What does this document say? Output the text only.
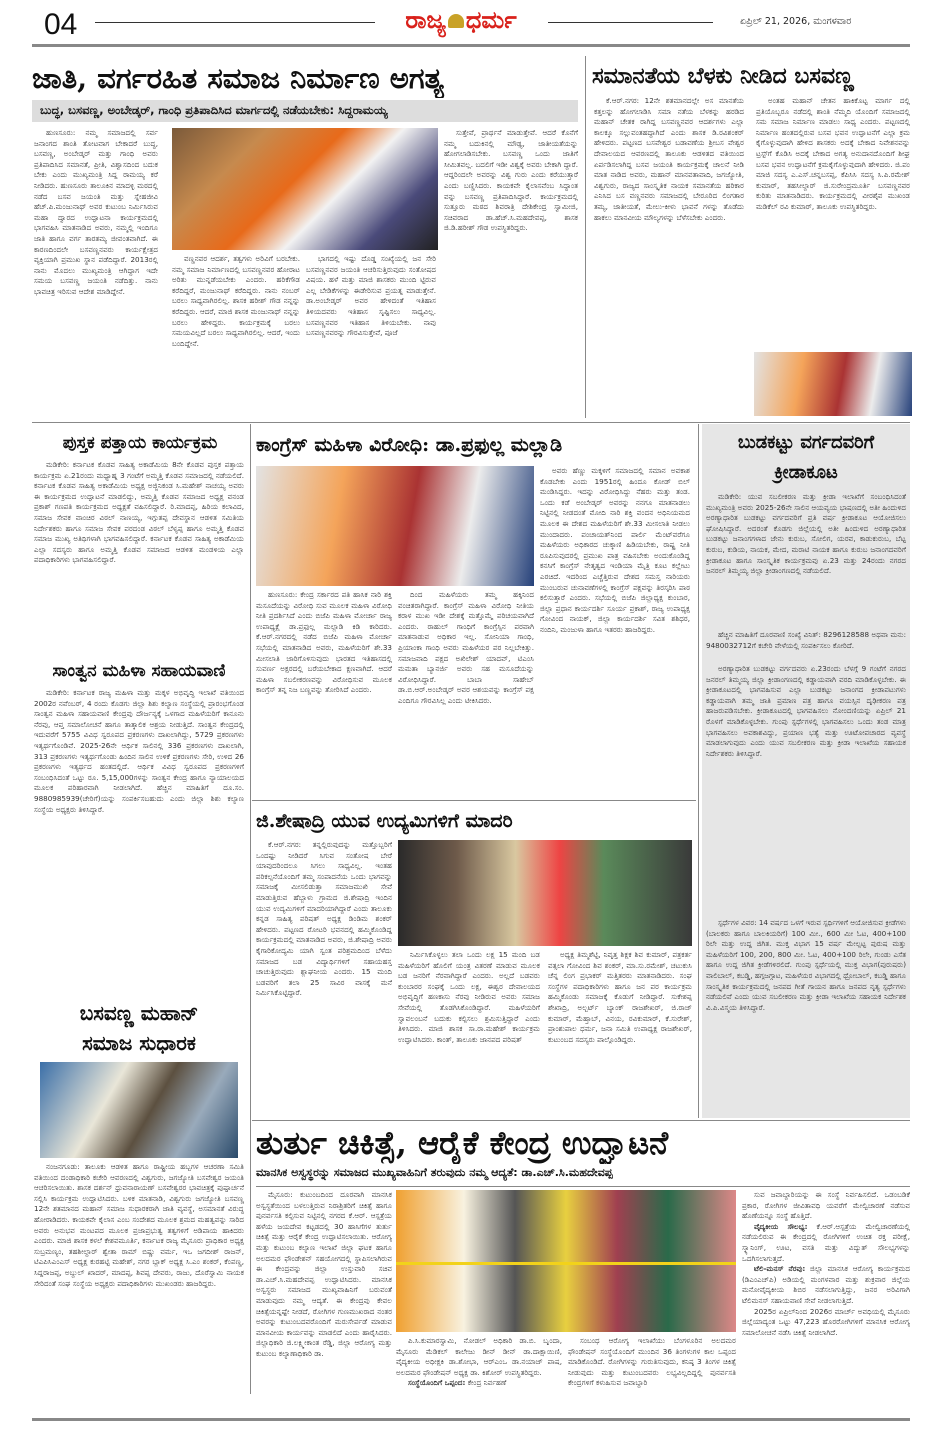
04	ರಾಜ್ಯ ಧರ್ಮ	ಏಪ್ರಿಲ್ 21, 2026, ಮಂಗಳವಾರ
ಜಾತಿ, ವರ್ಗರಹಿತ ಸಮಾಜ ನಿರ್ಮಾಣ ಅಗತ್ಯ
ಬುದ್ಧ, ಬಸವಣ್ಣ, ಅಂಬೇಡ್ಕರ್, ಗಾಂಧಿ ಪ್ರತಿಪಾದಿಸಿದ ಮಾರ್ಗದಲ್ಲಿ ನಡೆಯಬೇಕು: ಸಿದ್ದರಾಮಯ್ಯ

ಹುಣಸೂರು: ನಮ್ಮ ಸಮಾಜದಲ್ಲಿ ಸರ್ವ ಜನಾಂಗದ ಶಾಂತಿ ತೋಟವಾಗ ಬೇಕಾದರೆ ಬುದ್ಧ, ಬಸವಣ್ಣ, ಅಂಬೇಡ್ಕರ್ ಮತ್ತು ಗಾಂಧಿ ಅವರು ಪ್ರತಿಪಾದಿಸಿದ ಸಮಾನತೆ, ಪ್ರೀತಿ, ವಿಶ್ವಾಸದಿಂದ ಬದುಕ ಬೇಕು ಎಂದು ಮುಖ್ಯಮಂತ್ರಿ ಸಿದ್ದ ರಾಮಯ್ಯ ಕರೆ ನೀಡಿದರು. ಹುಣಸೂರು ತಾಲೂಕಿನ ಮಾದಳ್ಳಿ ಮಠದಲ್ಲಿ ನಡೆದ ಬಸವ ಜಯಂತಿ ಮತ್ತು ಸ್ನೇಹಜೀವಿ ಹೆಚ್.ಪಿ.ಮಂಜುನಾಥ್ ಅವರ ಕುಟುಂಬ ನಿರ್ಮಿಸಿರುವ ಮಹಾ ದ್ವಾರದ ಉದ್ಘಾಟನಾ ಕಾರ್ಯಕ್ರಮದಲ್ಲಿ ಭಾಗವಹಿಸಿ ಮಾತನಾಡಿದ ಅವರು, ನಮ್ಮಲ್ಲಿ ಇಂದಿಗೂ ಜಾತಿ ಹಾಗೂ ವರ್ಗ ತಾರತಮ್ಯ ಜೀವಂತವಾಗಿದೆ. ಈ ಕಾರಣದಿಂದಲೇ ಬಸವಣ್ಣನವರು ಕಾರ್ಯಕ್ಷೇತ್ರದ ವ್ಯಕ್ತಿಯಾಗಿ ಪ್ರಮುಖ ಸ್ಥಾನ ಪಡೆದಿದ್ದಾರೆ. 2013ರಲ್ಲಿ ನಾನು ಮೊದಲು ಮುಖ್ಯಮಂತ್ರಿ ಆಗಿದ್ದಾಗ ಇದೇ ಸಮಯ ಬಸವಣ್ಣ ಜಯಂತಿ ನಡೆದಿತ್ತು. ನಾನು ಭಾವಚಿತ್ರ ಇರಿಸುವ ಆದೇಶ ಮಾಡಿದ್ದೇನೆ.

ವಣ್ಣನವರ ಆದರ್ಶ, ತತ್ವಗಳು ಅರಿವಿಗೆ ಬರಬೇಕು. ನಮ್ಮ ಸಮಾಜ ನಿರ್ಮಾಣದಲ್ಲಿ ಬಸವಣ್ಣನವರ ಹೋರಾಟ ಅರಿತು ಮುನ್ನಡೆಯಬೇಕು ಎಂದರು. ಹರಿಕೆಗೌಡ ಕರೆದಿದ್ದರೆ, ಮಂಜುನಾಥ್ ಕರೆದಿದ್ದರು. ನಾನು ನಂಬರ್ ಬರಲು ಸಾಧ್ಯವಾಗಿರಲಿಲ್ಲ. ಶಾಸಕ ಹರೀಶ್ ಗೌಡ ನನ್ನನ್ನು ಕರೆದಿದ್ದರು. ಆದರೆ, ಮಾಜಿ ಶಾಸಕ ಮಂಜುನಾಥ್ ನನ್ನನ್ನು ಬರಲು ಹೇಳಿದ್ದರು. ಕಾರ್ಯಕ್ರಮಕ್ಕೆ ಬರಲು ಸಮಯವಿಲ್ಲದೆ ಬರಲು ಸಾಧ್ಯವಾಗಿರಲಿಲ್ಲ. ಆದರೆ, ಇಂದು ಬಂದಿದ್ದೇನೆ.

ಭಾಗದಲ್ಲಿ ಇಷ್ಟು ದೊಡ್ಡ ಸಂಖ್ಯೆಯಲ್ಲಿ ಜನ ಸೇರಿ ಬಸವಣ್ಣನವರ ಜಯಂತಿ ಆಚರಿಸುತ್ತಿರುವುದು ಸಂತೋಷದ ವಿಷಯ. ಹಳೆ ಮತ್ತು ಮಾಜಿ ಶಾಸಕರು ಮುಂದಿ ಟ್ಟಿರುವ ಎಲ್ಲ ಬೇಡಿಕೆಗಳನ್ನು ಈಡೇರಿಸುವ ಪ್ರಯತ್ನ ಮಾಡುತ್ತೇನೆ. ಡಾ.ಅಂಬೇಡ್ಕರ್ ಅವರ ಹೇಳಿದಂತೆ ಇತಿಹಾಸ ತಿಳಿಯದವರು ಇತಿಹಾಸ ಸೃಷ್ಟಿಸಲು ಸಾಧ್ಯವಿಲ್ಲ. ಬಸವಣ್ಣನವರ ಇತಿಹಾಸ ತಿಳಿಯಬೇಕು. ನಾವು ಬಸವಣ್ಣನವರನ್ನು ಗೌರವಿಸುತ್ತೇವೆ, ಪೂಜೆ

ಸುತ್ತೇವೆ, ಪ್ರಾರ್ಥನೆ ಮಾಡುತ್ತೇವೆ. ಆದರೆ ಕೊನೆಗೆ ನಮ್ಮ ಬದುಕಿನಲ್ಲಿ ಮೌಢ್ಯ, ಜಾತೀಯತೆಯನ್ನು ಹೋಗಲಾಡಿಸಬೇಕು. ಬಸವಣ್ಣ ಒಂದು ಜಾತಿಗೆ ಸೀಮಿತವಲ್ಲ. ಬದಲಿಗೆ ಇಡೀ ವಿಶ್ವಕ್ಕೆ ಅವರು ಬೇಕಾಗಿ ದ್ದಾರೆ. ಆದ್ದರಿಂದಲೇ ಅವರನ್ನು ವಿಶ್ವ ಗುರು ಎಂದು ಕರೆಯುತ್ತಾರೆ ಎಂದು ಬಣ್ಣಿಸಿದರು. ಕಾಯಕವೇ ಕೈಲಾಸವೆಂಬ ಸಿದ್ಧಾಂತ ವನ್ನು ಬಸವಣ್ಣ ಪ್ರತಿಪಾದಿಸಿದ್ದಾರೆ. ಕಾರ್ಯಕ್ರಮದಲ್ಲಿ ಸುತ್ತೂರು ಮಠದ ಶಿವರಾತ್ರಿ ದೇಶಿಕೇಂದ್ರ ಸ್ವಾಮೀಜಿ, ಸಚಿವರಾದ ಡಾ.ಹೆಚ್.ಸಿ.ಮಹದೇವಪ್ಪ, ಶಾಸಕ ಜಿ.ಡಿ.ಹರೀಶ್ ಗೌಡ ಉಪಸ್ಥಿತರಿದ್ದರು.

ಸಮಾನತೆಯ ಬೆಳಕು ನೀಡಿದ ಬಸವಣ್ಣ

ಕೆ.ಆರ್.ನಗರ: 12ನೇ ಶತಮಾನದಲ್ಲೇ ಅಸ ಮಾನತೆಯ ಕತ್ತಲನ್ನು ಹೋಗಲಾಡಿಸಿ ಸಮಾ ನತೆಯ ಬೆಳಕನ್ನು ಹರಡಿದ ಮಹಾನ್ ಚೇತಕ ರಾಗಿದ್ದ ಬಸವಣ್ಣನವರ ಆದರ್ಶಗಳು ಎಲ್ಲಾ ಕಾಲಕ್ಕೂ ಸಲ್ಲುವಂತಹದ್ದಾಗಿದೆ ಎಂದು ಶಾಸಕ ಡಿ.ರವಿಶಂಕರ್ ಹೇಳಿದರು. ಪಟ್ಟಣದ ಬಸವೇಶ್ವರ ಬಡಾವಣೆಯ ಶ್ರೀಬಸ ವೇಶ್ವರ ದೇವಾಲಯದ ಆವರಣದಲ್ಲಿ ತಾಲೂಕು ಆಡಳಿತದ ವತಿಯಿಂದ ಏರ್ಪಡಿಸಲಾಗಿದ್ದ ಬಸವ ಜಯಂತಿ ಕಾರ್ಯಕ್ರಮಕ್ಕೆ ಚಾಲನೆ ನೀಡಿ ಮಾತ ನಾಡಿದ ಅವರು, ಮಹಾನ್ ಮಾನವತಾವಾದಿ, ಜಗಜ್ಯೋತಿ, ವಿಶ್ವಗುರು, ರಾಜ್ಯದ ಸಾಂಸ್ಕೃತಿಕ ನಾಯಕ ಸಮಾನತೆಯ ಹರಿಕಾರ ಎನಿಸಿದ ಬಸ ವಣ್ಣನವರು ಸಮಾಜದಲ್ಲಿ ಬೇರೂರಿದ ಲಿಂಗತಾರ ತಮ್ಯ, ಜಾತೀಯತೆ, ಮೇಲು-ಕೀಳು ಭಾವನೆ ಗಳನ್ನು ತೊಡೆದು ಹಾಕಲು ಮಾನವೀಯ ಮೌಲ್ಯಗಳನ್ನು ಬೆಳೆಸಬೇಕು ಎಂದರು.

ಅಂತಹ ಮಹಾನ್ ಚೇತನ ಹಾಕಿಕೊಟ್ಟ ಮಾರ್ಗ ದಲ್ಲಿ ಪ್ರತಿಯೊಬ್ಬರೂ ನಡೆದಲ್ಲಿ ಶಾಂತಿ ನೆಮ್ಮದಿ ಯೊಂದಿಗೆ ಸಮಾಜದಲ್ಲಿ ಸಮ ಸಮಾಜ ನಿರ್ಮಾಣ ಮಾಡಲು ಸಾಧ್ಯ ಎಂದರು. ಪಟ್ಟಣದಲ್ಲಿ ನಿರ್ಮಾಣ ಹಂತದಲ್ಲಿರುವ ಬಸವ ಭವನ ಉದ್ಘಾಟನೆಗೆ ಎಲ್ಲಾ ಕ್ರಮ ಕೈಗೊಳ್ಳುವುದಾಗಿ ಹೇಳಿದ ಶಾಸಕರು ಅದಕ್ಕೆ ಬೇಕಾದ ನಿವೇಶನವನ್ನು ಟ್ರಸ್ಟ್‌ಗೆ ಕೊಡಿಸಿ ಅದಕ್ಕೆ ಬೇಕಾದ ಅಗತ್ಯ ಅನುದಾನದೊಂದಿಗೆ ಶೀಘ್ರ ಬಸವ ಭವನ ಉದ್ಘಾಟನೆಗೆ ಕ್ರಮಕೈಗೊಳ್ಳುವುದಾಗಿ ಹೇಳಿದರು. ಜಿ.ಪಂ ಮಾಜಿ ಸದಸ್ಯ ಎ.ಎಸ್.ಚನ್ನಬಸಪ್ಪ, ಕೆಪಿಸಿಸಿ ಸದಸ್ಯ ಸಿ.ಪಿ.ರಮೇಶ್ ಕುಮಾರ್, ತಹಸೀಲ್ದಾರ್ ಜಿ.ಸುರೇಂದ್ರಮೂರ್ತಿ ಬಸವಣ್ಣನವರ ಕುರಿತು ಮಾತನಾಡಿದರು. ಕಾರ್ಯಕ್ರಮದಲ್ಲಿ ವೀರಶೈವ ಮುಖಂಡ ಮಡಿಕೆಲ್ ರವಿ ಕುಮಾರ್, ತಾಲೂಕು ಉಪಸ್ಥಿತರಿದ್ದರು.

ಪುಸ್ತಕ ಪತ್ತಾಯ ಕಾರ್ಯಕ್ರಮ

ಮಡಿಕೇರಿ: ಕರ್ನಾಟಕ ಕೊಡವ ಸಾಹಿತ್ಯ ಅಕಾಡೆಮಿಯ 8ನೇ ಕೊಡವ ಪುಸ್ತಕ ಪತ್ತಾಯ ಕಾರ್ಯಕ್ರಮ ಏ.21ರಂದು ಮಧ್ಯಾಹ್ನ 3 ಗಂಟೆಗೆ ಅಮ್ಮತ್ತಿ ಕೊಡವ ಸಮಾಜದಲ್ಲಿ ನಡೆಯಲಿದೆ. ಕರ್ನಾಟಕ ಕೊಡವ ಸಾಹಿತ್ಯ ಅಕಾಡೆಮಿಯ ಅಧ್ಯಕ್ಷ ಅಜ್ಜಿನಿಕಂಡ ಸಿ.ಮಹೇಶ್ ನಾಚಯ್ಯ ಅವರು ಈ ಕಾರ್ಯಕ್ರಮದ ಉದ್ಘಾಟನೆ ಮಾಡಲಿದ್ದು, ಅಮ್ಮತ್ತಿ ಕೊಡವ ಸಮಾಜದ ಅಧ್ಯಕ್ಷ ವನಂಡ ಪ್ರಕಾಶ್ ಗಣಪತಿ ಕಾರ್ಯಕ್ರಮದ ಅಧ್ಯಕ್ಷತೆ ವಹಿಸಲಿದ್ದಾರೆ. ರಿ.ಮಾದಪ್ಪ, ಹಿರಿಯ ಕಲಾವಿದ, ಸಮಾಜ ಸೇವಕ ವಾಂಚಿರ ವಿಠಲ್ ನಾಣಯ್ಯ, ಇಗ್ಗುತಪ್ಪ ದೇವಸ್ಥಾನ ಆಡಳಿತ ಸಮಿತಿಯ ನಿರ್ದೇಶಕರು ಹಾಗೂ ಸಮಾಜ ಸೇವಕ ಪರದಂಡ ವಿಠಲ್ ಬೆಳ್ಯಪ್ಪ ಹಾಗೂ ಅಮ್ಮತ್ತಿ ಕೊಡವ ಸಮಾಜ ಮುಖ್ಯ ಅತಿಥಿಗಳಾಗಿ ಭಾಗವಹಿಸಲಿದ್ದಾರೆ. ಕರ್ನಾಟಕ ಕೊಡವ ಸಾಹಿತ್ಯ ಅಕಾಡೆಮಿಯ ಎಲ್ಲಾ ಸದಸ್ಯರು ಹಾಗೂ ಅಮ್ಮತ್ತಿ ಕೊಡವ ಸಮಾಜದ ಆಡಳಿತ ಮಂಡಳಿಯ ಎಲ್ಲಾ ಪದಾಧಿಕಾರಿಗಳು ಭಾಗವಹಿಸಲಿದ್ದಾರೆ.

ಸಾಂತ್ವನ ಮಹಿಳಾ ಸಹಾಯವಾಣಿ

ಮಡಿಕೇರಿ: ಕರ್ನಾಟಕ ರಾಜ್ಯ ಮಹಿಳಾ ಮತ್ತು ಮಕ್ಕಳ ಅಭಿವೃದ್ಧಿ ಇಲಾಖೆ ವತಿಯಿಂದ 2002ರ ನವೆಂಬರ್, 4 ರಂದು ಕೊಡಗು ಜಿಲ್ಲಾ ಶಿಶು ಕಲ್ಯಾಣ ಸಂಸ್ಥೆಯಲ್ಲಿ ಪ್ರಾರಂಭಗೊಂಡ ಸಾಂತ್ವನ ಮಹಿಳಾ ಸಹಾಯವಾಣಿ ಕೇಂದ್ರವು ದೌರ್ಜನ್ಯಕ್ಕೆ ಒಳಗಾದ ಮಹಿಳೆಯರಿಗೆ ಕಾನೂನು ನೆರವು, ಆಪ್ತ ಸಮಾಲೋಚನೆ ಹಾಗೂ ತಾತ್ಕಾಲಿಕ ಆಶ್ರಯ ನೀಡುತ್ತಿದೆ. ಸಾಂತ್ವನ ಕೇಂದ್ರದಲ್ಲಿ ಇದುವರೆಗೆ 5755 ವಿವಿಧ ಸ್ವರೂಪದ ಪ್ರಕರಣಗಳು ದಾಖಲಾಗಿದ್ದು, 5729 ಪ್ರಕರಣಗಳು ಇತ್ಯರ್ಥಗೊಂಡಿವೆ. 2025-26ನೇ ಆರ್ಥಿಕ ಸಾಲಿನಲ್ಲಿ 336 ಪ್ರಕರಣಗಳು ದಾಖಲಾಗಿ, 313 ಪ್ರಕರಣಗಳು ಇತ್ಯರ್ಥಗೊಂಡು ಹಿಂದಿನ ಸಾಲಿನ ಉಳಿಕೆ ಪ್ರಕರಣಗಳು ಸೇರಿ, ಉಳಿದ 26 ಪ್ರಕರಣಗಳು ಇತ್ಯರ್ಥದ ಹಂತದಲ್ಲಿದೆ. ಆರ್ಥಿಕ ವಿವಿಧ ಸ್ವರೂಪದ ಪ್ರಕರಣಗಳಿಗೆ ಸಂಬಂಧಿಸಿದಂತೆ ಒಟ್ಟು ರೂ. 5,15,000ಗಳನ್ನು ಸಾಂತ್ವನ ಕೇಂದ್ರ ಹಾಗೂ ನ್ಯಾಯಾಲಯದ ಮೂಲಕ ಪರಿಹಾರವಾಗಿ ನೀಡಲಾಗಿದೆ. ಹೆಚ್ಚಿನ ಮಾಹಿತಿಗೆ ದೂ.ಸಂ. 9880985939(ಚೇರಿಗೆ)ಯನ್ನು ಸಂಪರ್ಕಿಸಬಹುದು ಎಂದು ಜಿಲ್ಲಾ ಶಿಶು ಕಲ್ಯಾಣ ಸಂಸ್ಥೆಯ ಅಧ್ಯಕ್ಷರು ತಿಳಿಸಿದ್ದಾರೆ.

ಬಸವಣ್ಣ ಮಹಾನ್
ಸಮಾಜ ಸುಧಾರಕ

ನಂಜನಗೂಡು: ತಾಲೂಕು ಆಡಳಿತ ಹಾಗೂ ರಾಷ್ಟ್ರೀಯ ಹಬ್ಬಗಳ ಆಚರಣಾ ಸಮಿತಿ ವತಿಯಿಂದ ದಂಡಾಧಿಕಾರಿ ಕಚೇರಿ ಆವರಣದಲ್ಲಿ ವಿಶ್ವಗುರು, ಜಗಜ್ಯೋತಿ ಬಸವೇಶ್ವರ ಜಯಂತಿ ಆಚರಿಸಲಾಯಿತು. ಶಾಸಕ ದರ್ಶನ್ ಧ್ರುವನಾರಾಯಣ್ ಬಸವೇಶ್ವರರ ಭಾವಚಿತ್ರಕ್ಕೆ ಪುಷ್ಪಾರ್ಚನೆ ಸಲ್ಲಿಸಿ ಕಾರ್ಯಕ್ರಮ ಉದ್ಘಾಟಿಸಿದರು. ಬಳಿಕ ಮಾತನಾಡಿ, ವಿಶ್ವಗುರು ಜಗಜ್ಯೋತಿ ಬಸವಣ್ಣ 12ನೇ ಶತಮಾನದ ಮಹಾನ್ ಸಮಾಜ ಸುಧಾರಕರಾಗಿ ಜಾತಿ ವ್ಯವಸ್ಥೆ, ಅಸಮಾನತೆ ವಿರುದ್ಧ ಹೋರಾಡಿದರು. ಕಾಯಕವೇ ಕೈಲಾಸ ಎಂಬ ಸಂದೇಶದ ಮೂಲಕ ಶ್ರಮದ ಮಹತ್ವವನ್ನು ಸಾರಿದ ಅವರು ಅನುಭವ ಮಂಟಪದ ಮೂಲಕ ಪ್ರಜಾಪ್ರಭುತ್ವ ತತ್ವಗಳಿಗೆ ಅಡಿಪಾಯ ಹಾಕಿದರು ಎಂದರು. ಮಾಜಿ ಶಾಸಕ ಕಳಲೆ ಕೇಶವಮೂರ್ತಿ, ಕರ್ನಾಟಕ ರಾಜ್ಯ ಮೈಸೂರು ಪ್ರಾಧಿಕಾರ ಅಧ್ಯಕ್ಷ ಸುಬ್ರಮಣ್ಯಂ, ತಹಶೀಲ್ದಾರ್ ಶ್ವೇತಾ ರಾಮ್ ಬಿಷ್ಣು ವರ್ಮ, ಇಒ ಜಗದೀಶ್ ರಾಜನ್, ಟಿಎಪಿಸಿಎಂಎಸ್ ಅಧ್ಯಕ್ಷ ಕುರಹಟ್ಟಿ ಮಹೇಶ್, ನಗರ ಬ್ಲಾಕ್ ಅಧ್ಯಕ್ಷ ಸಿ.ಎಂ ಶಂಕರ್, ಕೆಂಪಣ್ಣ, ಸಿದ್ದರಾಜಪ್ಪ, ಅಬ್ದುಲ್ ಖಾದರ್, ಮಾದಪ್ಪ, ಶಿವಪ್ಪ ದೇವರು, ರಾಜು, ದೊರೆಸ್ವಾಮಿ ನಾಯಕ ಸೇರಿದಂತೆ ಸಂಘ ಸಂಸ್ಥೆಯ ಅಧ್ಯಕ್ಷರು ಪದಾಧಿಕಾರಿಗಳು ಮುಖಂಡರು ಹಾಜರಿದ್ದರು.

ಕಾಂಗ್ರೆಸ್ ಮಹಿಳಾ ವಿರೋಧಿ: ಡಾ.ಪ್ರಫುಲ್ಲ ಮಲ್ಲಾಡಿ

ಅವರು ಹೆಣ್ಣು ಮಕ್ಕಳಿಗೆ ಸಮಾಜದಲ್ಲಿ ಸಮಾನ ಅವಕಾಶ ಕೊಡಬೇಕು ಎಂದು 1951ರಲ್ಲಿ ಹಿಂದೂ ಕೋಡ್ ಬಿಲ್ ಮಂಡಿಸಿದ್ದರು. ಇದನ್ನು ವಿರೋಧಿಸಿದ್ದು ನೆಹರು ಮತ್ತು ತಂಡ. ಒಂದು ಕಡೆ ಅಂಬೇಡ್ಕರ್ ಅವರನ್ನು ನನಗೂ ಮಾತನಾಡಲು ನಿಟ್ಟಿನಲ್ಲಿ ನೀಡದಂತೆ ಮೋದಿ ನಾರಿ ಶಕ್ತಿ ವಂದನ ಅಧಿನಿಯಮದ ಮೂಲಕ ಈ ದೇಶದ ಮಹಿಳೆಯರಿಗೆ ಶೇ.33 ಮೀಸಲಾತಿ ನೀಡಲು ಮುಂದಾದರು. ಪಂಚಾಯತ್‌ನಿಂದ ಪಾರ್ಲಿ ಮೆಂಟ್‌ವರೆಗೂ ಮಹಿಳೆಯರು ಅಧಿಕಾರದ ಚುಕ್ಕಾಣಿ ಹಿಡಿಯಬೇಕು, ರಾಷ್ಟ್ರ ನೀತಿ ರೂಪಿಸುವುದರಲ್ಲಿ ಪ್ರಮುಖ ಪಾತ್ರ ವಹಿಸಬೇಕು ಅಂದುಕೊಂಡಿದ್ದ ಕನಸಿಗೆ ಕಾಂಗ್ರೆಸ್ ನೇತೃತ್ವದ ಇಂಡಿಯಾ ಮೈತ್ರಿ ಕೂಟ ಕಲ್ಲೇಟು ಎರಚಿದೆ. ಇದರಿಂದ ಎಚ್ಚೆತ್ತಿರುವ ದೇಶದ ಸಮಸ್ತ ನಾರಿಯರು ಮುಂಬರುವ ಚುನಾವಣೆಗಳಲ್ಲಿ ಕಾಂಗ್ರೆಸ್ ಪಕ್ಷವನ್ನು ತಿರಸ್ಕರಿಸಿ ಪಾಠ ಕಲಿಸುತ್ತಾರೆ ಎಂದರು. ಸಭೆಯಲ್ಲಿ ಬಿಜೆಪಿ ಜಿಲ್ಲಾಧ್ಯಕ್ಷ ಕುಂಬಾರ, ಜಿಲ್ಲಾ ಪ್ರಧಾನ ಕಾರ್ಯದರ್ಶಿ ಸೂರ್ಯ ಪ್ರಕಾಶ್, ರಾಜ್ಯ ಉಪಾಧ್ಯಕ್ಷ ಗೋವಿಂದ ನಾಯಕ್, ಜಿಲ್ಲಾ ಕಾರ್ಯದರ್ಶಿ ಸವಿತ ಶಶಿಧರ, ನಂದಿನಿ, ಮಂಜುಳಾ ಹಾಗೂ ಇತರರು ಹಾಜರಿದ್ದರು.

ಹುಣಸೂರು: ಕೇಂದ್ರ ಸರ್ಕಾರದ ಪತಿ ಹಾಸಿಕ ನಾರಿ ಶಕ್ತಿ ಮಸೂದೆಯನ್ನು ವಿರೋಧಿ ಸುವ ಮೂಲಕ ಮಹಿಳಾ ವಿರೋಧಿ ನೀತಿ ಪ್ರದರ್ಶಿಸಿದೆ ಎಂದು ಬಿಜೆಪಿ ಮಹಿಳಾ ಮೋರ್ಚಾ ರಾಜ್ಯ ಉಪಾಧ್ಯಕ್ಷೆ ಡಾ.ಪ್ರಫುಲ್ಲ ಮಲ್ಲಾಡಿ ಕಿಡಿ ಕಾರಿದರು. ಕೆ.ಆರ್.ನಗರದಲ್ಲಿ ನಡೆದ ಬಿಜೆಪಿ ಮಹಿಳಾ ಮೋರ್ಚಾ ಸಭೆಯಲ್ಲಿ ಮಾತನಾಡಿದ ಅವರು, ಮಹಿಳೆಯರಿಗೆ ಶೇ.33 ಮೀಸಲಾತಿ ಜಾರಿಗೊಳಿಸುವುದು ಭಾರತದ ಇತಿಹಾಸದಲ್ಲಿ ಸುವರ್ಣ ಅಕ್ಷರದಲ್ಲಿ ಬರೆಯಬೇಕಾದ ಕ್ಷಣವಾಗಿದೆ. ಆದರೆ ಮಹಿಳಾ ಸಬಲೀಕರಣವನ್ನು ವಿರೋಧಿಸುವ ಮೂಲಕ ಕಾಂಗ್ರೆಸ್ ತನ್ನ ನಿಜ ಬಣ್ಣವನ್ನು ತೋರಿಸಿದೆ ಎಂದರು.

ದಿಂದ ಮಹಿಳೆಯರು ತಮ್ಮ ಹಕ್ಕಿನಿಂದ ವಂಚಿತರಾಗಿದ್ದಾರೆ. ಕಾಂಗ್ರೆಸ್ ಮಹಿಳಾ ವಿರೋಧಿ ನೀತಿಯ ಕರಾಳ ಮುಖ ಇಡೀ ದೇಶಕ್ಕೆ ಮತ್ತೊಮ್ಮೆ ಪರಿಚಯವಾಗಿದೆ ಎಂದರು. ರಾಹುಲ್ ಗಾಂಧಿಗೆ ಕಾಂಗ್ರೆಸ್ಸಿನ ಪರವಾಗಿ ಮಾತನಾಡುವ ಅಧಿಕಾರ ಇಲ್ಲ. ಸೋನಿಯಾ ಗಾಂಧಿ, ಪ್ರಿಯಾಂಕಾ ಗಾಂಧಿ ಅವರು ಮಹಿಳೆಯರ ಪರ ನಿಲ್ಲಬೇಕಿತ್ತು. ಸಮಾಜವಾದಿ ಪಕ್ಷದ ಅಖಿಲೇಶ್ ಯಾದವ್, ಟಿಎಂಸಿ ಮಮತಾ ಬ್ಯಾನರ್ಜಿ ಅವರು ಸಹ ಮಸೂದೆಯನ್ನು ವಿರೋಧಿಸಿದ್ದಾರೆ. ಬಾಬಾ ಸಾಹೇಬ್ ಡಾ.ಬಿ.ಆರ್.ಅಂಬೇಡ್ಕರ್ ಅವರ ಆಶಯವನ್ನು ಕಾಂಗ್ರೆಸ್ ಪಕ್ಷ ಎಂದಿಗೂ ಗೌರವಿಸಿಲ್ಲ ಎಂದು ಟೀಕಿಸಿದರು.

ಜಿ.ಶೇಷಾದ್ರಿ ಯುವ ಉದ್ಯಮಿಗಳಿಗೆ ಮಾದರಿ

ಕೆ.ಆರ್.ನಗರ: ತನ್ನಲ್ಲಿರುವುದನ್ನು ಮತ್ತೊಬ್ಬರಿಗೆ ಒಂದಷ್ಟು ನೀಡಿದರೆ ಸಿಗುವ ಸಂತೋಷ ಬೇರೆ ಯಾವುದರಿಂದಲೂ ಸಿಗಲು ಸಾಧ್ಯವಿಲ್ಲ. ಇಂತಹ ಪರಿಕಲ್ಪನೆಯೊಂದಿಗೆ ತಮ್ಮ ಸಂಪಾದನೆಯ ಒಂದು ಭಾಗವನ್ನು ಸಮಾಜಕ್ಕೆ ಮೀಸಲಿಡುತ್ತಾ ಸಮಾಜಮುಖಿ ಸೇವೆ ಮಾಡುತ್ತಿರುವ ಹೆಬ್ಬಾಳು ಗ್ರಾಮದ ಜಿ.ಶೇಷಾದ್ರಿ ಇಂದಿನ ಯುವ ಉದ್ಯಮಿಗಳಿಗೆ ಮಾದರಿಯಾಗಿದ್ದಾರೆ ಎಂದು ತಾಲೂಕು ಕನ್ನಡ ಸಾಹಿತ್ಯ ಪರಿಷತ್ ಅಧ್ಯಕ್ಷ ಡಿಂಡಿಮ ಶಂಕರ್ ಹೇಳಿದರು. ಪಟ್ಟಣದ ರೋಟರಿ ಭವನದಲ್ಲಿ ಹಮ್ಮಿಕೊಂಡಿದ್ದ ಕಾರ್ಯಕ್ರಮದಲ್ಲಿ ಮಾತನಾಡಿದ ಅವರು, ಜಿ.ಶೇಷಾದ್ರಿ ಅವರು ಕೈಗಾರಿಕೋದ್ಯಮಿ ಯಾಗಿ ಸ್ವಂತ ಪರಿಶ್ರಮದಿಂದ ಬೆಳೆದು ಸಮಾಜದ ಬಡ ವಿದ್ಯಾರ್ಥಿಗಳಿಗೆ ಸಹಾಯಹಸ್ತ ಚಾಚುತ್ತಿರುವುದು ಶ್ಲಾಘನೀಯ ಎಂದರು. 15 ಮಂದಿ ಬಡವರಿಗೆ ತಲಾ 25 ಸಾವಿರ ವಾಸಕ್ಕೆ ಮನೆ ನಿರ್ಮಿಸಿಕೊಟ್ಟಿದ್ದಾರೆ.

ನಿರ್ಮಿಸಿಕೊಳ್ಳಲು ತಲಾ ಒಂದು ಲಕ್ಷ 15 ಮಂದಿ ಬಡ ಮಹಿಳೆಯರಿಗೆ ಹೊಲಿಗೆ ಯಂತ್ರ ವಿತರಣೆ ಮಾಡುವ ಮೂಲಕ ಬಡ ಜನರಿಗೆ ನೆರವಾಗಿದ್ದಾರೆ ಎಂದರು. ಅಲ್ಲದೆ ಬಡವರು ಕುಂಬಾರರ ಸಂಘಕ್ಕೆ ಒಂದು ಲಕ್ಷ, ಈಶ್ವರ ದೇವಾಲಯದ ಅಭಿವೃದ್ಧಿಗೆ ಹಣಕಾಸು ನೆರವು ನೀಡಿರುವ ಅವರು ಸಮಾಜ ಸೇವೆಯಲ್ಲಿ ತೊಡಗಿಸಿಕೊಂಡಿದ್ದಾರೆ. ಮಹಿಳೆಯರಿಗೆ ಸ್ವಾವಲಂಬನೆ ಬದುಕು ಕಲ್ಪಿಸಲು ಶ್ರಮಿಸುತ್ತಿದ್ದಾರೆ ಎಂದು ತಿಳಿಸಿದರು. ಮಾಜಿ ಶಾಸಕ ಸಾ.ರಾ.ಮಹೇಶ್ ಕಾರ್ಯಕ್ರಮ ಉದ್ಘಾಟಿಸಿದರು. ಕಾಂತ್, ತಾಲೂಕು ಜಾನಪದ ಪರಿಷತ್

ಅಧ್ಯಕ್ಷ ತಿಮ್ಮಶೆಟ್ಟಿ, ನಿವೃತ್ತ ಶಿಕ್ಷಕ ಶಿವ ಕುಮಾರ್, ಪತ್ರಕರ್ತ ವತ್ಸಲಾ ಗೋವಿಂದ ಶಿವ ಶಂಕರ್, ಮಾ.ಸು.ರಮೇಶ್, ಚಟುಕುಸಿ ಚೆನ್ನ ಲಿಂಗ ಪ್ರಭಾಕರ್ ಮತ್ತಿತರರು ಮಾತನಾಡಿದರು. ಸಂಘ ಸಂಸ್ಥೆಗಳ ಪದಾಧಿಕಾರಿಗಳು ಹಾಗೂ ಜನ ಪರ ಕಾರ್ಯಕ್ರಮ ಹಮ್ಮಿಕೊಂಡು ಸಮಾಜಕ್ಕೆ ಕೊಡುಗೆ ನೀಡಿದ್ದಾರೆ. ಸುಕೇಶಪ್ಪ ಶೇಖಾದ್ರಿ, ಅಲ್ಬರ್ಟ್ ಬ್ಯಾಂಕ್ ರಾಜಶೇಖರ್, ಜಿ.ರಾಜ್ ಕುಮಾರ್, ಮೆಹ್ತಾಬ್, ವಿನಯ, ರವಿಕುಮಾರ್, ಕೆ.ಸುರೇಶ್, ಪ್ರಾಂಶುಪಾಲ ಧರ್ಮ, ಜನಾ ಸಮಿತಿ ಉಪಾಧ್ಯಕ್ಷ ರಾಜಶೇಖರ್, ಕುಟುಂಬದ ಸದಸ್ಯರು ಪಾಲ್ಗೊಂಡಿದ್ದರು.

ಬುಡಕಟ್ಟು ವರ್ಗದವರಿಗೆ
ಕ್ರೀಡಾಕೂಟ

ಮಡಿಕೇರಿ: ಯುವ ಸಬಲೀಕರಣ ಮತ್ತು ಕ್ರೀಡಾ ಇಲಾಖೆಗೆ ಸಂಬಂಧಿಸಿದಂತೆ ಮುಖ್ಯಮಂತ್ರಿ ಅವರು 2025-26ನೇ ಸಾಲಿನ ಆಯವ್ಯಯ ಭಾಷಣದಲ್ಲಿ ಅತೀ ಹಿಂದುಳಿದ ಅರಣ್ಯಾಧಾರಿತ ಬುಡಕಟ್ಟು ವರ್ಗದವರಿಗೆ ಪ್ರತಿ ವರ್ಷ ಕ್ರೀಡಾಕೂಟ ಆಯೋಜಿಸಲು ಘೋಷಿಸಿದ್ದಾರೆ. ಅದರಂತೆ ಕೊಡಗು ಜಿಲ್ಲೆಯಲ್ಲಿ ಅತೀ ಹಿಂದುಳಿದ ಅರಣ್ಯಾಧಾರಿತ ಬುಡಕಟ್ಟು ಜನಾಂಗಗಳಾದ ಜೇನು ಕುರುಬ, ಸೋಲಿಗ, ಯರವ, ಕಾಡುಕುರುಬ, ಬೆಟ್ಟ ಕುರುಬ, ಕುಡಿಯ, ನಾಯಕ, ಮೇದ, ಮರಾಟಿ ನಾಯಕ ಹಾಗೂ ಕುರುಬ ಜನಾಂಗದವರಿಗೆ ಕ್ರೀಡಾಕೂಟ ಹಾಗೂ ಸಾಂಸ್ಕೃತಿಕ ಕಾರ್ಯಕ್ರಮವು ಏ.23 ಮತ್ತು 24ರಂದು ನಗರದ ಜನರಲ್ ತಿಮ್ಮಯ್ಯ ಜಿಲ್ಲಾ ಕ್ರೀಡಾಂಗಣದಲ್ಲಿ ನಡೆಯಲಿದೆ.

ಹೆಚ್ಚಿನ ಮಾಹಿತಿಗೆ ದೂರವಾಣಿ ಸಂಖ್ಯೆ ವಿನಿತ್: 8296128588 ಅಥವಾ ಮನು: 9480032712ಗೆ ಕಚೇರಿ ವೇಳೆಯಲ್ಲಿ ಸಂಪರ್ಕಿಸಲು ಕೋರಿದೆ.

ಅರಣ್ಯಾಧಾರಿತ ಬುಡಕಟ್ಟು ವರ್ಗದವರು ಏ.23ರಂದು ಬೆಳಗ್ಗೆ 9 ಗಂಟೆಗೆ ನಗರದ ಜನರಲ್ ತಿಮ್ಮಯ್ಯ ಜಿಲ್ಲಾ ಕ್ರೀಡಾಂಗಣದಲ್ಲಿ ಕಡ್ಡಾಯವಾಗಿ ವರದಿ ಮಾಡಿಕೊಳ್ಳಬೇಕು. ಈ ಕ್ರೀಡಾಕೂಟದಲ್ಲಿ ಭಾಗವಹಿಸುವ ಎಲ್ಲಾ ಬುಡಕಟ್ಟು ಜನಾಂಗದ ಕ್ರೀಡಾಪಟುಗಳು ಕಡ್ಡಾಯವಾಗಿ ತಮ್ಮ ಜಾತಿ ಪ್ರಮಾಣ ಪತ್ರ ಹಾಗೂ ವಯಸ್ಸಿನ ದೃಢೀಕರಣ ಪತ್ರ ಹಾಜರುಪಡಿಸಬೇಕು. ಕ್ರೀಡಾಕೂಟದಲ್ಲಿ ಭಾಗವಹಿಸಲು ನೋಂದಣಿಯನ್ನು ಏಪ್ರಿಲ್ 21 ರೊಳಗೆ ಮಾಡಿಕೊಳ್ಳಬೇಕು. ಗುಂಪು ಸ್ಪರ್ಧೆಗಳಲ್ಲಿ ಭಾಗವಹಿಸಲು ಒಂದು ತಂಡ ಮಾತ್ರ ಭಾಗವಹಿಸಲು ಅವಕಾಶವಿದ್ದು, ಪ್ರಯಾಣ ಭತ್ಯೆ ಮತ್ತು ಊಟೋಪಚಾರದ ವ್ಯವಸ್ಥೆ ಮಾಡಲಾಗುವುದು ಎಂದು ಯುವ ಸಬಲೀಕರಣ ಮತ್ತು ಕ್ರೀಡಾ ಇಲಾಖೆಯ ಸಹಾಯಕ ನಿರ್ದೇಶಕರು ತಿಳಿಸಿದ್ದಾರೆ.

ಸ್ಪರ್ಧೆಗಳ ವಿವರ: 14 ವರ್ಷದ ಒಳಗೆ ಇರುವ ಸ್ಪರ್ಧಿಗಳಿಗೆ ಆಯೋಜಿಸುವ ಕ್ರೀಡೆಗಳು (ಬಾಲಕರು ಹಾಗೂ ಬಾಲಕಿಯರಿಗೆ) 100 ಮೀ., 600 ಮೀ ಓಟ, 400+100 ರಿಲೇ ಮತ್ತು ಉದ್ದ ಜಿಗಿತ. ಮುಕ್ತ ವಿಭಾಗ 15 ವರ್ಷ ಮೇಲ್ಪಟ್ಟ ಪುರುಷ ಮತ್ತು ಮಹಿಳೆಯರಿಗೆ 100, 200, 800 ಮೀ. ಓಟ, 400+100 ರಿಲೇ, ಗುಂಡು ಎಸೆತ ಹಾಗೂ ಉದ್ದ ಜಿಗಿತ ಕ್ರೀಡೆಗಳಿರಲಿದೆ. ಗುಂಪು ಸ್ಪರ್ಧೆಯಲ್ಲಿ ಮುಕ್ತ ವಿಭಾಗ(ಪುರುಷರು) ವಾಲಿಬಾಲ್, ಕಬಡ್ಡಿ, ಹಗ್ಗಜಗ್ಗಾಟ, ಮಹಿಳೆಯರ ವಿಭಾಗದಲ್ಲಿ ಥ್ರೋಬಾಲ್, ಕಬಡ್ಡಿ ಹಾಗೂ ಸಾಂಸ್ಕೃತಿಕ ಕಾರ್ಯಕ್ರಮದಲ್ಲಿ ಜನಪದ ಗೀತೆ ಗಾಯನ ಹಾಗೂ ಜನಪದ ನೃತ್ಯ ಸ್ಪರ್ಧೆಗಳು ನಡೆಯಲಿವೆ ಎಂದು ಯುವ ಸಬಲೀಕರಣ ಮತ್ತು ಕ್ರೀಡಾ ಇಲಾಖೆಯ ಸಹಾಯಕ ನಿರ್ದೇಶಕ ವಿ.ಪಿ.ವಿಸ್ಮಯ ತಿಳಿಸಿದ್ದಾರೆ.

ತುರ್ತು ಚಿಕಿತ್ಸೆ, ಆರೈಕೆ ಕೇಂದ್ರ ಉದ್ಘಾಟನೆ
ಮಾನಸಿಕ ಅಸ್ವಸ್ಥರನ್ನು ಸಮಾಜದ ಮುಖ್ಯವಾಹಿನಿಗೆ ತರುವುದು ನಮ್ಮ ಆದ್ಯತೆ: ಡಾ.ಎಚ್.ಸಿ.ಮಹದೇವಪ್ಪ

ಮೈಸೂರು: ಕುಟುಂಬದಿಂದ ದೂರವಾಗಿ ಮಾನಸಿಕ ಅಸ್ವಸ್ಥತೆಯಿಂದ ಬಳಲುತ್ತಿರುವ ನಿರಾಶ್ರಿತರಿಗೆ ಚಿಕಿತ್ಸೆ ಹಾಗೂ ಪುನರ್ವಸತಿ ಕಲ್ಪಿಸುವ ನಿಟ್ಟಿನಲ್ಲಿ ನಗರದ ಕೆ.ಆರ್. ಆಸ್ಪತ್ರೆಯ ಹಳೆಯ ಜಯದೇವ ಕಟ್ಟಡದಲ್ಲಿ 30 ಹಾಸಿಗೆಗಳ ತುರ್ತು ಚಿಕಿತ್ಸೆ ಮತ್ತು ಆರೈಕೆ ಕೇಂದ್ರ ಉದ್ಘಾಟಿಸಲಾಯಿತು. ಆರೋಗ್ಯ ಮತ್ತು ಕುಟುಂಬ ಕಲ್ಯಾಣ ಇಲಾಖೆ ಜಿಲ್ಲಾ ಘಟಕ ಹಾಗೂ ಅಲದಮರ ಫೌಂಡೇಶನ್ ಸಹಯೋಗದಲ್ಲಿ ಸ್ಥಾಪಿಸಲಾಗಿರುವ ಈ ಕೇಂದ್ರವನ್ನು ಜಿಲ್ಲಾ ಉಸ್ತುವಾರಿ ಸಚಿವ ಡಾ.ಎಚ್.ಸಿ.ಮಹದೇವಪ್ಪ ಉದ್ಘಾಟಿಸಿದರು. ಮಾನಸಿಕ ಅಸ್ವಸ್ಥರು ಸಮಾಜದ ಮುಖ್ಯವಾಹಿನಿಗೆ ಬರುವಂತೆ ಮಾಡುವುದು ನಮ್ಮ ಆದ್ಯತೆ. ಈ ಕೇಂದ್ರವು ಕೇವಲ ಚಿಕಿತ್ಸೆಯನ್ನಷ್ಟೇ ನೀಡದೆ, ರೋಗಿಗಳ ಗುಣಮುಖರಾದ ನಂತರ ಅವರನ್ನು ಕುಟುಂಬದವರೊಂದಿಗೆ ಮರುಸೇರ್ಪಡೆ ಮಾಡುವ ಮಾನವೀಯ ಕಾರ್ಯವನ್ನು ಮಾಡಲಿದೆ ಎಂದು ಹಾರೈಸಿದರು. ಜಿಲ್ಲಾಧಿಕಾರಿ ಜಿ.ಲಕ್ಷ್ಮೀಕಾಂತ ರೆಡ್ಡಿ, ಜಿಲ್ಲಾ ಆರೋಗ್ಯ ಮತ್ತು ಕುಟುಂಬ ಕಲ್ಯಾಣಾಧಿಕಾರಿ ಡಾ.

ಪಿ.ಸಿ.ಕುಮಾರಸ್ವಾಮಿ, ನೋಡಲ್ ಅಧಿಕಾರಿ ಡಾ.ಬಿ. ಬೃಂದಾ, ಮೈಸೂರು ಮೆಡಿಕಲ್ ಕಾಲೇಜು ಡೀನ್ ಡೀನ್ ಡಾ.ದಾಕ್ಷಾಯಿಣಿ, ವೈದ್ಯಕೀಯ ಅಧೀಕ್ಷಕಿ ಡಾ.ಶೋಭಾ, ಆರ್‌ಎಂಒ ಡಾ.ನಯಾಜ್ ಪಾಷ, ಅಲದಮರ ಫೌಂಡೇಷನ್ ಅಧ್ಯಕ್ಷ ಡಾ. ಕಿಶೋರ್ ಉಪಸ್ಥಿತರಿದ್ದರು.

ಸಂಸ್ಥೆಯೊಂದಿಗೆ ಒಪ್ಪಂದ: ಕೇಂದ್ರ ನಿರ್ವಹಣೆ

ಸಂಬಂಧ ಆರೋಗ್ಯ ಇಲಾಖೆಯು ಬೆಂಗಳೂರಿನ ಅಲದಮರ ಫೌಂಡೇಷನ್ ಸಂಸ್ಥೆಯೊಂದಿಗೆ ಮುಂದಿನ 36 ತಿಂಗಳುಗಳ ಕಾಲ ಒಪ್ಪಂದ ಮಾಡಿಕೊಂಡಿದೆ. ರೋಗಿಗಳನ್ನು ಗುರುತಿಸುವುದು, ಕನಿಷ್ಠ 3 ತಿಂಗಳ ಚಿಕಿತ್ಸೆ ನೀಡುವುದು ಮತ್ತು ಕುಟುಂಬದವರು ಲಭ್ಯವಿಲ್ಲದಿದ್ದಲ್ಲಿ ಪುನರ್ವಸತಿ ಕೇಂದ್ರಗಳಿಗೆ ಕಳುಹಿಸುವ ಜವಾಬ್ದಾರಿ

ಸುವ ಜವಾಬ್ದಾರಿಯನ್ನು ಈ ಸಂಸ್ಥೆ ನಿರ್ವಹಿಸಲಿದೆ. ಒಡಂಬಡಿಕೆ ಪ್ರಕಾರ, ರೋಗಿಗಳ ಜೀವಿತಾವಧಿ ಯವರೆಗೆ ಮೇಲ್ವಿಚಾರಣೆ ನಡೆಸುವ ಹೊಣೆಯನ್ನೂ ಸಂಸ್ಥೆ ಹೊತ್ತಿದೆ.

ವೈದ್ಯಕೀಯ ಸೌಲಭ್ಯ: ಕೆ.ಆರ್.ಆಸ್ಪತ್ರೆಯ ಮೇಲ್ವಿಚಾರಣೆಯಲ್ಲಿ ನಡೆಯಲಿರುವ ಈ ಕೇಂದ್ರದಲ್ಲಿ ರೋಗಿಗಳಿಗೆ ಉಚಿತ ರಕ್ತ ಪರೀಕ್ಷೆ, ಸ್ಕ್ಯಾನಿಂಗ್, ಊಟ, ವಸತಿ ಮತ್ತು ವಿದ್ಯುತ್ ಸೌಲಭ್ಯಗಳನ್ನು ಒದಗಿಸಲಾಗುತ್ತದೆ.

ಟೆಲಿ-ಮನಸ್ ನೆರವು: ಜಿಲ್ಲಾ ಮಾನಸಿಕ ಆರೋಗ್ಯ ಕಾರ್ಯಕ್ರಮದ (ಡಿಎಂಎಚ್‌ಪಿ) ಅಡಿಯಲ್ಲಿ ಮಂಗಳವಾರ ಮತ್ತು ಶುಕ್ರವಾರ ಜಿಲ್ಲೆಯ ಮನೋವೈದ್ಯಕೀಯ ಶಿಬಿರ ನಡೆಸಲಾಗುತ್ತಿದ್ದು, ಜನರ ಅರಿವಿಗಾಗಿ ಟೆಲಿಮನಸ್ ಸಹಾಯವಾಣಿ ಸೇವೆ ನೀಡಲಾಗುತ್ತಿದೆ.

2025ರ ಏಪ್ರಿಲ್‌ನಿಂದ 2026ರ ಮಾರ್ಚ್ ಅವಧಿಯಲ್ಲಿ ಮೈಸೂರು ಜಿಲ್ಲೆಯಾದ್ಯಂತ ಒಟ್ಟು 47,223 ಹೊರರೋಗಿಗಳಿಗೆ ಮಾನಸಿಕ ಆರೋಗ್ಯ ಸಮಾಲೋಚನೆ ನಡೆಸಿ ಚಿಕಿತ್ಸೆ ನೀಡಲಾಗಿದೆ.
